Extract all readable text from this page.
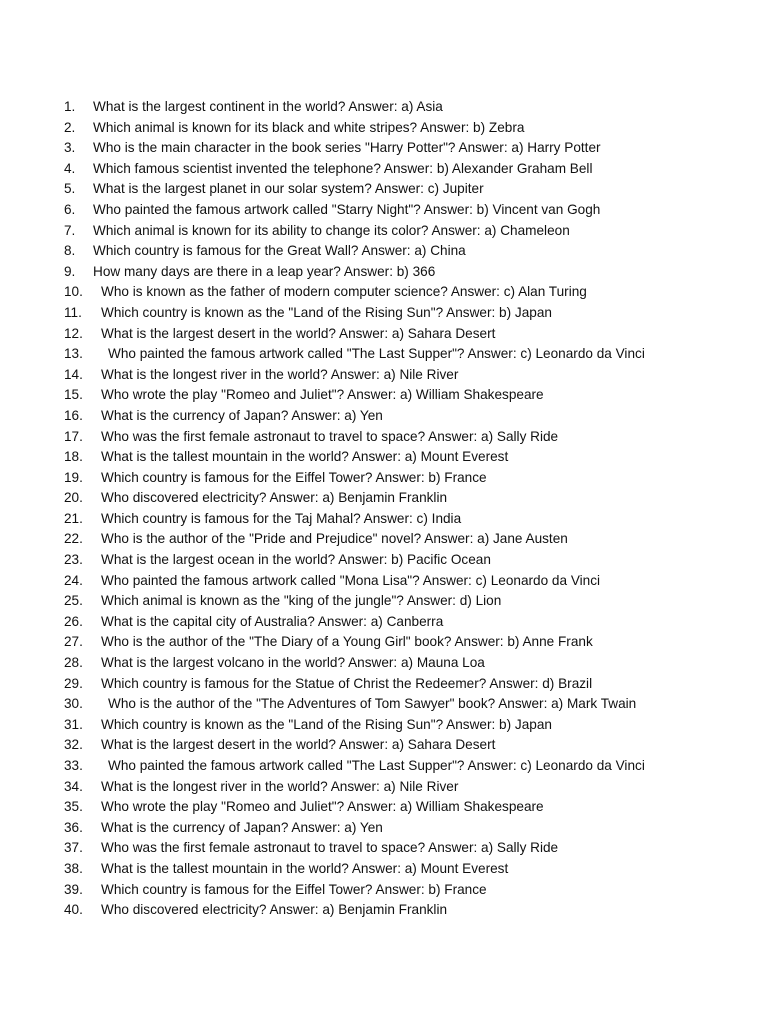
1. What is the largest continent in the world? Answer: a) Asia
2. Which animal is known for its black and white stripes? Answer: b) Zebra
3. Who is the main character in the book series "Harry Potter"? Answer: a) Harry Potter
4. Which famous scientist invented the telephone? Answer: b) Alexander Graham Bell
5. What is the largest planet in our solar system? Answer: c) Jupiter
6. Who painted the famous artwork called "Starry Night"? Answer: b) Vincent van Gogh
7. Which animal is known for its ability to change its color? Answer: a) Chameleon
8. Which country is famous for the Great Wall? Answer: a) China
9. How many days are there in a leap year? Answer: b) 366
10. Who is known as the father of modern computer science? Answer: c) Alan Turing
11. Which country is known as the "Land of the Rising Sun"? Answer: b) Japan
12. What is the largest desert in the world? Answer: a) Sahara Desert
13. Who painted the famous artwork called "The Last Supper"? Answer: c) Leonardo da Vinci
14. What is the longest river in the world? Answer: a) Nile River
15. Who wrote the play "Romeo and Juliet"? Answer: a) William Shakespeare
16. What is the currency of Japan? Answer: a) Yen
17. Who was the first female astronaut to travel to space? Answer: a) Sally Ride
18. What is the tallest mountain in the world? Answer: a) Mount Everest
19. Which country is famous for the Eiffel Tower? Answer: b) France
20. Who discovered electricity? Answer: a) Benjamin Franklin
21. Which country is famous for the Taj Mahal? Answer: c) India
22. Who is the author of the "Pride and Prejudice" novel? Answer: a) Jane Austen
23. What is the largest ocean in the world? Answer: b) Pacific Ocean
24. Who painted the famous artwork called "Mona Lisa"? Answer: c) Leonardo da Vinci
25. Which animal is known as the "king of the jungle"? Answer: d) Lion
26. What is the capital city of Australia? Answer: a) Canberra
27. Who is the author of the "The Diary of a Young Girl" book? Answer: b) Anne Frank
28. What is the largest volcano in the world? Answer: a) Mauna Loa
29. Which country is famous for the Statue of Christ the Redeemer? Answer: d) Brazil
30. Who is the author of the "The Adventures of Tom Sawyer" book? Answer: a) Mark Twain
31. Which country is known as the "Land of the Rising Sun"? Answer: b) Japan
32. What is the largest desert in the world? Answer: a) Sahara Desert
33. Who painted the famous artwork called "The Last Supper"? Answer: c) Leonardo da Vinci
34. What is the longest river in the world? Answer: a) Nile River
35. Who wrote the play "Romeo and Juliet"? Answer: a) William Shakespeare
36. What is the currency of Japan? Answer: a) Yen
37. Who was the first female astronaut to travel to space? Answer: a) Sally Ride
38. What is the tallest mountain in the world? Answer: a) Mount Everest
39. Which country is famous for the Eiffel Tower? Answer: b) France
40. Who discovered electricity? Answer: a) Benjamin Franklin
